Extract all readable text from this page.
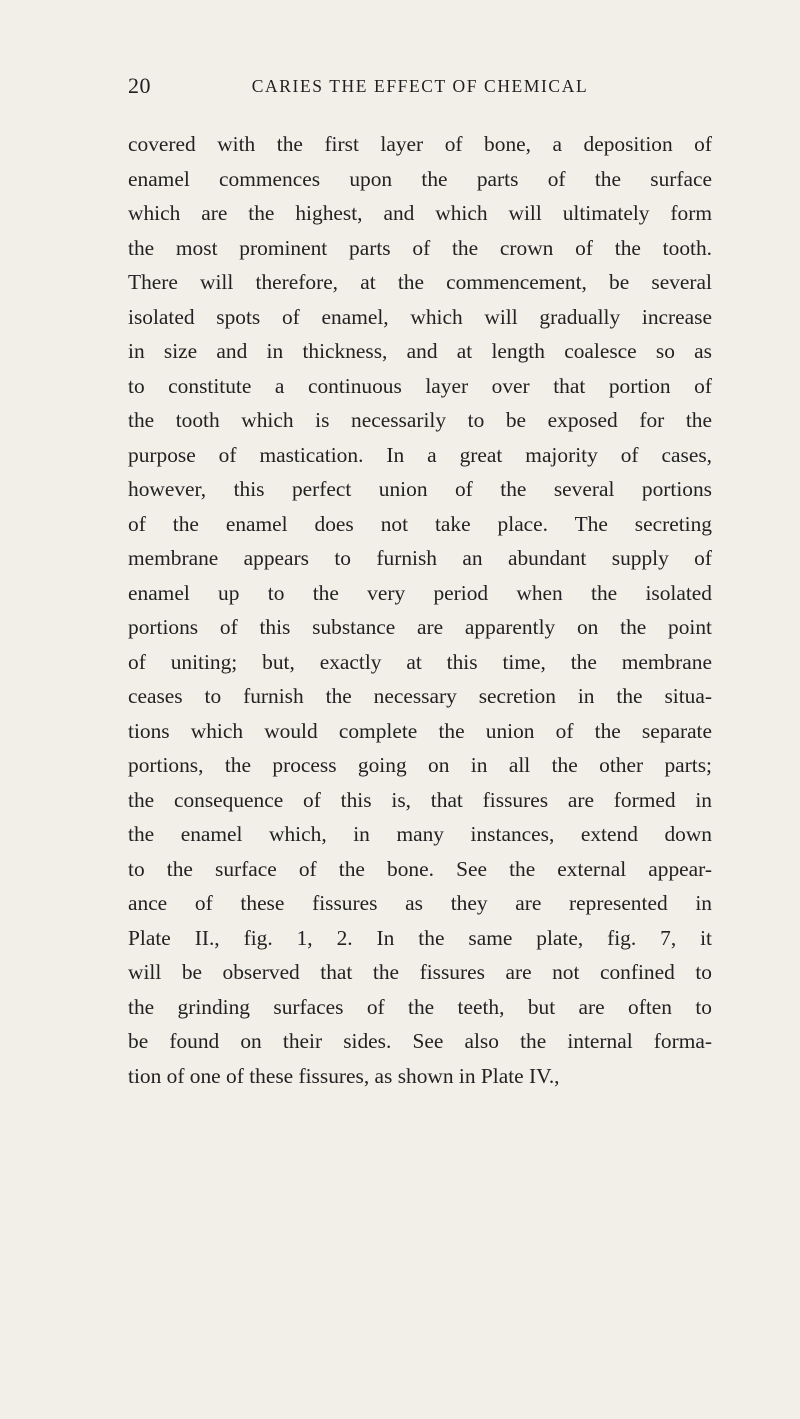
20	CARIES THE EFFECT OF CHEMICAL
covered with the first layer of bone, a deposition of
enamel commences upon the parts of the surface
which are the highest, and which will ultimately form
the most prominent parts of the crown of the tooth.
There will therefore, at the commencement, be several
isolated spots of enamel, which will gradually increase
in size and in thickness, and at length coalesce so as
to constitute a continuous layer over that portion of
the tooth which is necessarily to be exposed for the
purpose of mastication. In a great majority of cases,
however, this perfect union of the several portions
of the enamel does not take place. The secreting
membrane appears to furnish an abundant supply of
enamel up to the very period when the isolated
portions of this substance are apparently on the point
of uniting; but, exactly at this time, the membrane
ceases to furnish the necessary secretion in the situa-
tions which would complete the union of the separate
portions, the process going on in all the other parts;
the consequence of this is, that fissures are formed in
the enamel which, in many instances, extend down
to the surface of the bone. See the external appear-
ance of these fissures as they are represented in
Plate II., fig. 1, 2. In the same plate, fig. 7, it
will be observed that the fissures are not confined to
the grinding surfaces of the teeth, but are often to
be found on their sides. See also the internal forma-
tion of one of these fissures, as shown in Plate IV.,
